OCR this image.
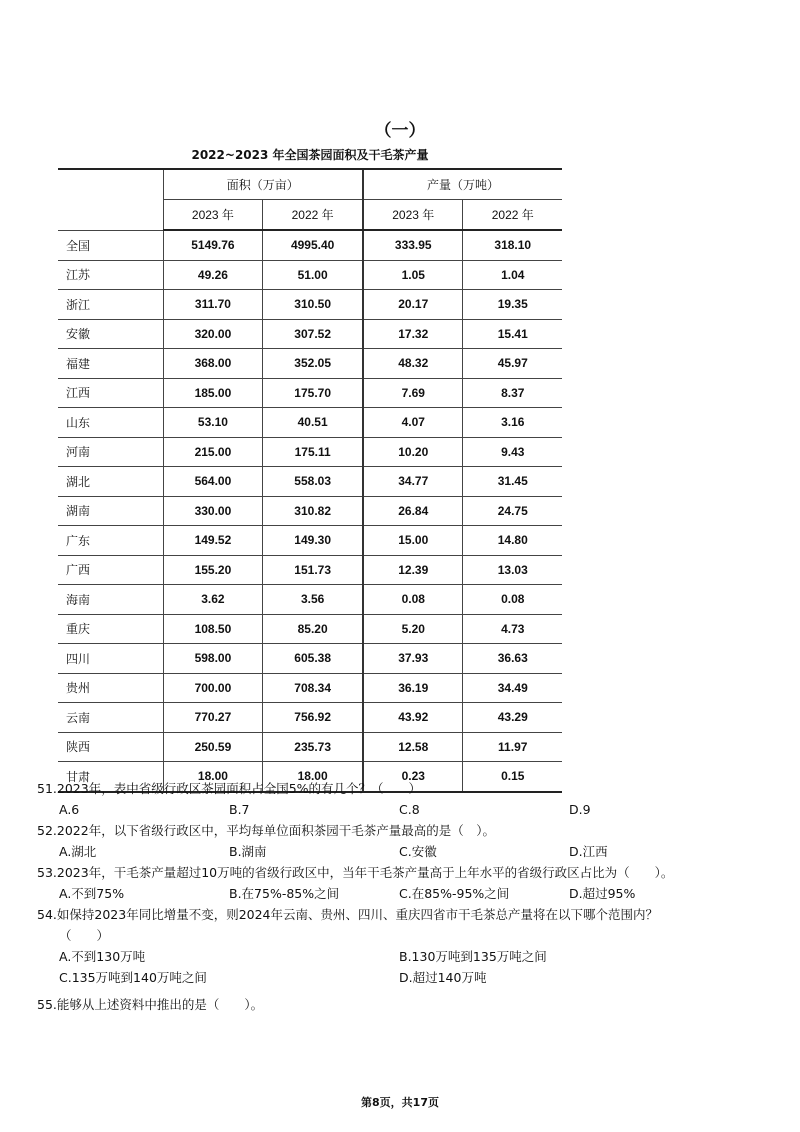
（一）
2022~2023 年全国茶园面积及干毛茶产量
	面积（万亩）		产量（万吨）	
	2023 年	2022 年	2023 年	2022 年
全国	5149.76	4995.40	333.95	318.10
江苏	49.26	51.00	1.05	1.04
浙江	311.70	310.50	20.17	19.35
安徽	320.00	307.52	17.32	15.41
福建	368.00	352.05	48.32	45.97
江西	185.00	175.70	7.69	8.37
山东	53.10	40.51	4.07	3.16
河南	215.00	175.11	10.20	9.43
湖北	564.00	558.03	34.77	31.45
湖南	330.00	310.82	26.84	24.75
广东	149.52	149.30	15.00	14.80
广西	155.20	151.73	12.39	13.03
海南	3.62	3.56	0.08	0.08
重庆	108.50	85.20	5.20	4.73
四川	598.00	605.38	37.93	36.63
贵州	700.00	708.34	36.19	34.49
云南	770.27	756.92	43.92	43.29
陕西	250.59	235.73	12.58	11.97
甘肃	18.00	18.00	0.23	0.15
51.2023年，表中省级行政区茶园面积占全国5%的有几个？（　　）
A.6	B.7	C.8	D.9
52.2022年，以下省级行政区中，平均每单位面积茶园干毛茶产量最高的是（　）。
A.湖北	B.湖南	C.安徽	D.江西
53.2023年，干毛茶产量超过10万吨的省级行政区中，当年干毛茶产量高于上年水平的省级行政区占比为（　　）。
A.不到75%	B.在75%-85%之间	C.在85%-95%之间	D.超过95%
54.如保持2023年同比增量不变，则2024年云南、贵州、四川、重庆四省市干毛茶总产量将在以下哪个范围内？
（　　）
A.不到130万吨	B.130万吨到135万吨之间
C.135万吨到140万吨之间	D.超过140万吨
55.能够从上述资料中推出的是（　　）。
第8页，共17页
